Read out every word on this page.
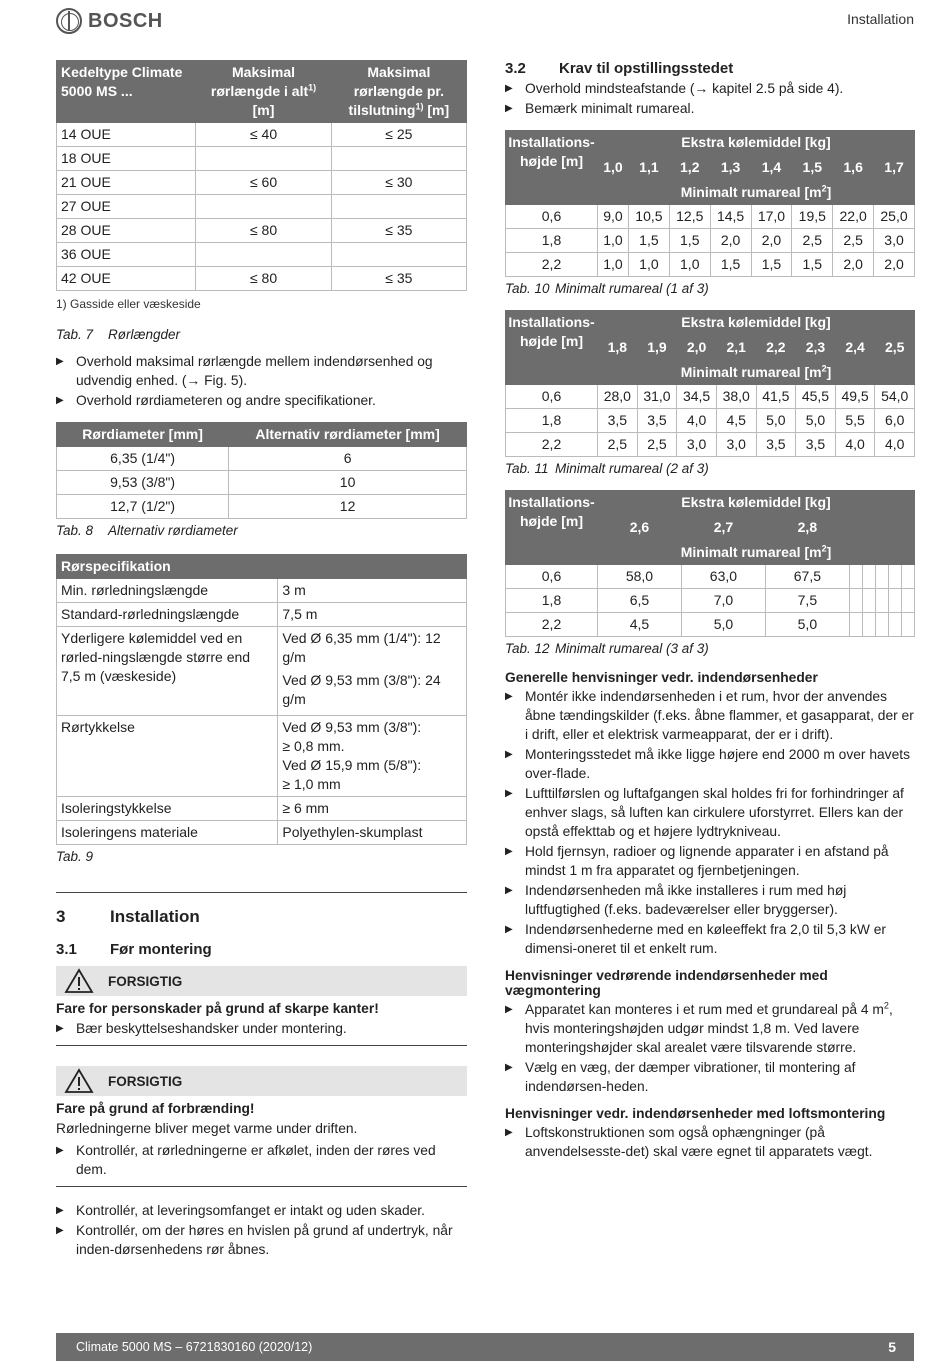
BOSCH	Installation
Kedeltype Climate 5000 MS ...	Maksimal rørlængde i alt$^{1)}$ [m]	Maksimal rørlængde pr. tilslutning$^{1)}$ [m]
14 OUE	≤ 40	≤ 25
18 OUE		
21 OUE	≤ 60	≤ 30
27 OUE		
28 OUE	≤ 80	≤ 35
36 OUE		
42 OUE	≤ 80	≤ 35
1) Gasside eller væskeside
Tab. 7 Rørlængder
▶ Overhold maksimal rørlængde mellem indendørsenhed og udvendig enhed. (→ Fig. 5).
▶ Overhold rørdiameteren og andre specifikationer.
Rørdiameter [mm]	Alternativ rørdiameter [mm]
6,35 (1/4")	6
9,53 (3/8")	10
12,7 (1/2")	12
Tab. 8 Alternativ rørdiameter
Rørspecifikation	
Min. rørledningslængde	3 m
Standard-rørledningslængde	7,5 m
Yderligere kølemiddel ved en rørled-ningslængde større end 7,5 m (væskeside)	Ved Ø 6,35 mm (1/4"): 12 g/m
Ved Ø 9,53 mm (3/8"): 24 g/m

Rørtykkelse	Ved Ø 9,53 mm (3/8"):
≥ 0,8 mm.
Ved Ø 15,9 mm (5/8"):
≥ 1,0 mm

Isoleringstykkelse	≥ 6 mm
Isoleringens materiale	Polyethylen-skumplast
Tab. 9
3	Installation
3.1	Før montering
FORSIGTIG
Fare for personskader på grund af skarpe kanter!
▶ Bær beskyttelseshandsker under montering.
FORSIGTIG
Fare på grund af forbrænding!
Rørledningerne bliver meget varme under driften.
▶ Kontrollér, at rørledningerne er afkølet, inden der røres ved dem.
▶ Kontrollér, at leveringsomfanget er intakt og uden skader.
▶ Kontrollér, om der høres en hvislen på grund af undertryk, når inden-dørsenhedens rør åbnes.
3.2	Krav til opstillingsstedet
▶ Overhold mindsteafstande (→ kapitel 2.5 på side 4).
▶ Bemærk minimalt rumareal.
Installations-højde [m]	Ekstra kølemiddel [kg]							
	1,0	1,1	1,2	1,3	1,4	1,5	1,6	1,7
	Minimalt rumareal $[m^2]$							
0,6	9,0	10,5	12,5	14,5	17,0	19,5	22,0	25,0
1,8	1,0	1,5	1,5	2,0	2,0	2,5	2,5	3,0
2,2	1,0	1,0	1,0	1,5	1,5	1,5	2,0	2,0
Tab. 10 Minimalt rumareal (1 af 3)
Installations-højde [m]	Ekstra kølemiddel [kg]							
	1,8	1,9	2,0	2,1	2,2	2,3	2,4	2,5
	Minimalt rumareal $[m^2]$							
0,6	28,0	31,0	34,5	38,0	41,5	45,5	49,5	54,0
1,8	3,5	3,5	4,0	4,5	5,0	5,0	5,5	6,0
2,2	2,5	2,5	3,0	3,0	3,5	3,5	4,0	4,0
Tab. 11 Minimalt rumareal (2 af 3)
Installations-højde [m]	Ekstra kølemiddel [kg]							
	2,6	2,7	2,8					
	Minimalt rumareal $[m^2]$							
0,6	58,0	63,0	67,5					
1,8	6,5	7,0	7,5					
2,2	4,5	5,0	5,0					
Tab. 12 Minimalt rumareal (3 af 3)
Generelle henvisninger vedr. indendørsenheder
▶ Montér ikke indendørsenheden i et rum, hvor der anvendes åbne tændingskilder (f.eks. åbne flammer, et gasapparat, der er i drift, eller et elektrisk varmeapparat, der er i drift).
▶ Monteringsstedet må ikke ligge højere end 2000 m over havets over-flade.
▶ Lufttilførslen og luftafgangen skal holdes fri for forhindringer af enhver slags, så luften kan cirkulere uforstyrret. Ellers kan der opstå effekttab og et højere lydtrykniveau.
▶ Hold fjernsyn, radioer og lignende apparater i en afstand på mindst 1 m fra apparatet og fjernbetjeningen.
▶ Indendørsenheden må ikke installeres i rum med høj luftfugtighed (f.eks. badeværelser eller bryggerser).
▶ Indendørsenhederne med en køleeffekt fra 2,0 til 5,3 kW er dimensi-oneret til et enkelt rum.
Henvisninger vedrørende indendørsenheder med vægmontering
▶ Apparatet kan monteres i et rum med et grundareal på 4 $m^2$, hvis monteringshøjden udgør mindst 1,8 m. Ved lavere monteringshøjder skal arealet være tilsvarende større.
▶ Vælg en væg, der dæmper vibrationer, til montering af indendørsen-heden.
Henvisninger vedr. indendørsenheder med loftsmontering
▶ Loftskonstruktionen som også ophængninger (på anvendelsesste-det) skal være egnet til apparatets vægt.
Climate 5000 MS – 6721830160 (2020/12)	5
